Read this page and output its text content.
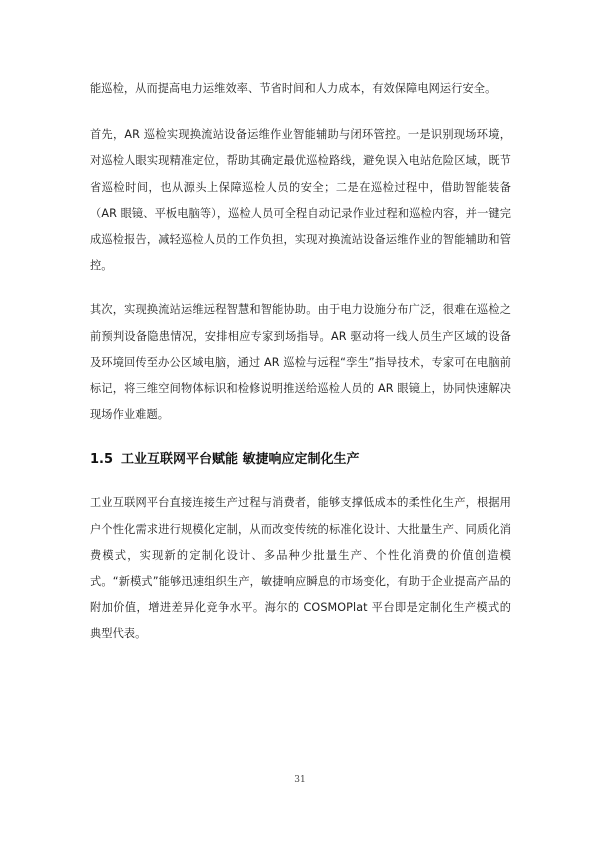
能巡检，从而提高电力运维效率、节省时间和人力成本，有效保障电网运行安全。

首先，AR 巡检实现换流站设备运维作业智能辅助与闭环管控。一是识别现场环境，对巡检人眼实现精准定位，帮助其确定最优巡检路线，避免误入电站危险区域，既节省巡检时间，也从源头上保障巡检人员的安全；二是在巡检过程中，借助智能装备（AR 眼镜、平板电脑等），巡检人员可全程自动记录作业过程和巡检内容，并一键完成巡检报告，减轻巡检人员的工作负担，实现对换流站设备运维作业的智能辅助和管控。

其次，实现换流站运维远程智慧和智能协助。由于电力设施分布广泛，很难在巡检之前预判设备隐患情况，安排相应专家到场指导。AR 驱动将一线人员生产区域的设备及环境回传至办公区域电脑，通过 AR 巡检与远程“孪生”指导技术，专家可在电脑前标记，将三维空间物体标识和检修说明推送给巡检人员的 AR 眼镜上，协同快速解决现场作业难题。

1.5 工业互联网平台赋能 敏捷响应定制化生产

工业互联网平台直接连接生产过程与消费者，能够支撑低成本的柔性化生产，根据用户个性化需求进行规模化定制，从而改变传统的标准化设计、大批量生产、同质化消费模式，实现新的定制化设计、多品种少批量生产、个性化消费的价值创造模式。“新模式”能够迅速组织生产，敏捷响应瞬息的市场变化，有助于企业提高产品的附加价值，增进差异化竞争水平。海尔的 COSMOPlat 平台即是定制化生产模式的典型代表。

31
